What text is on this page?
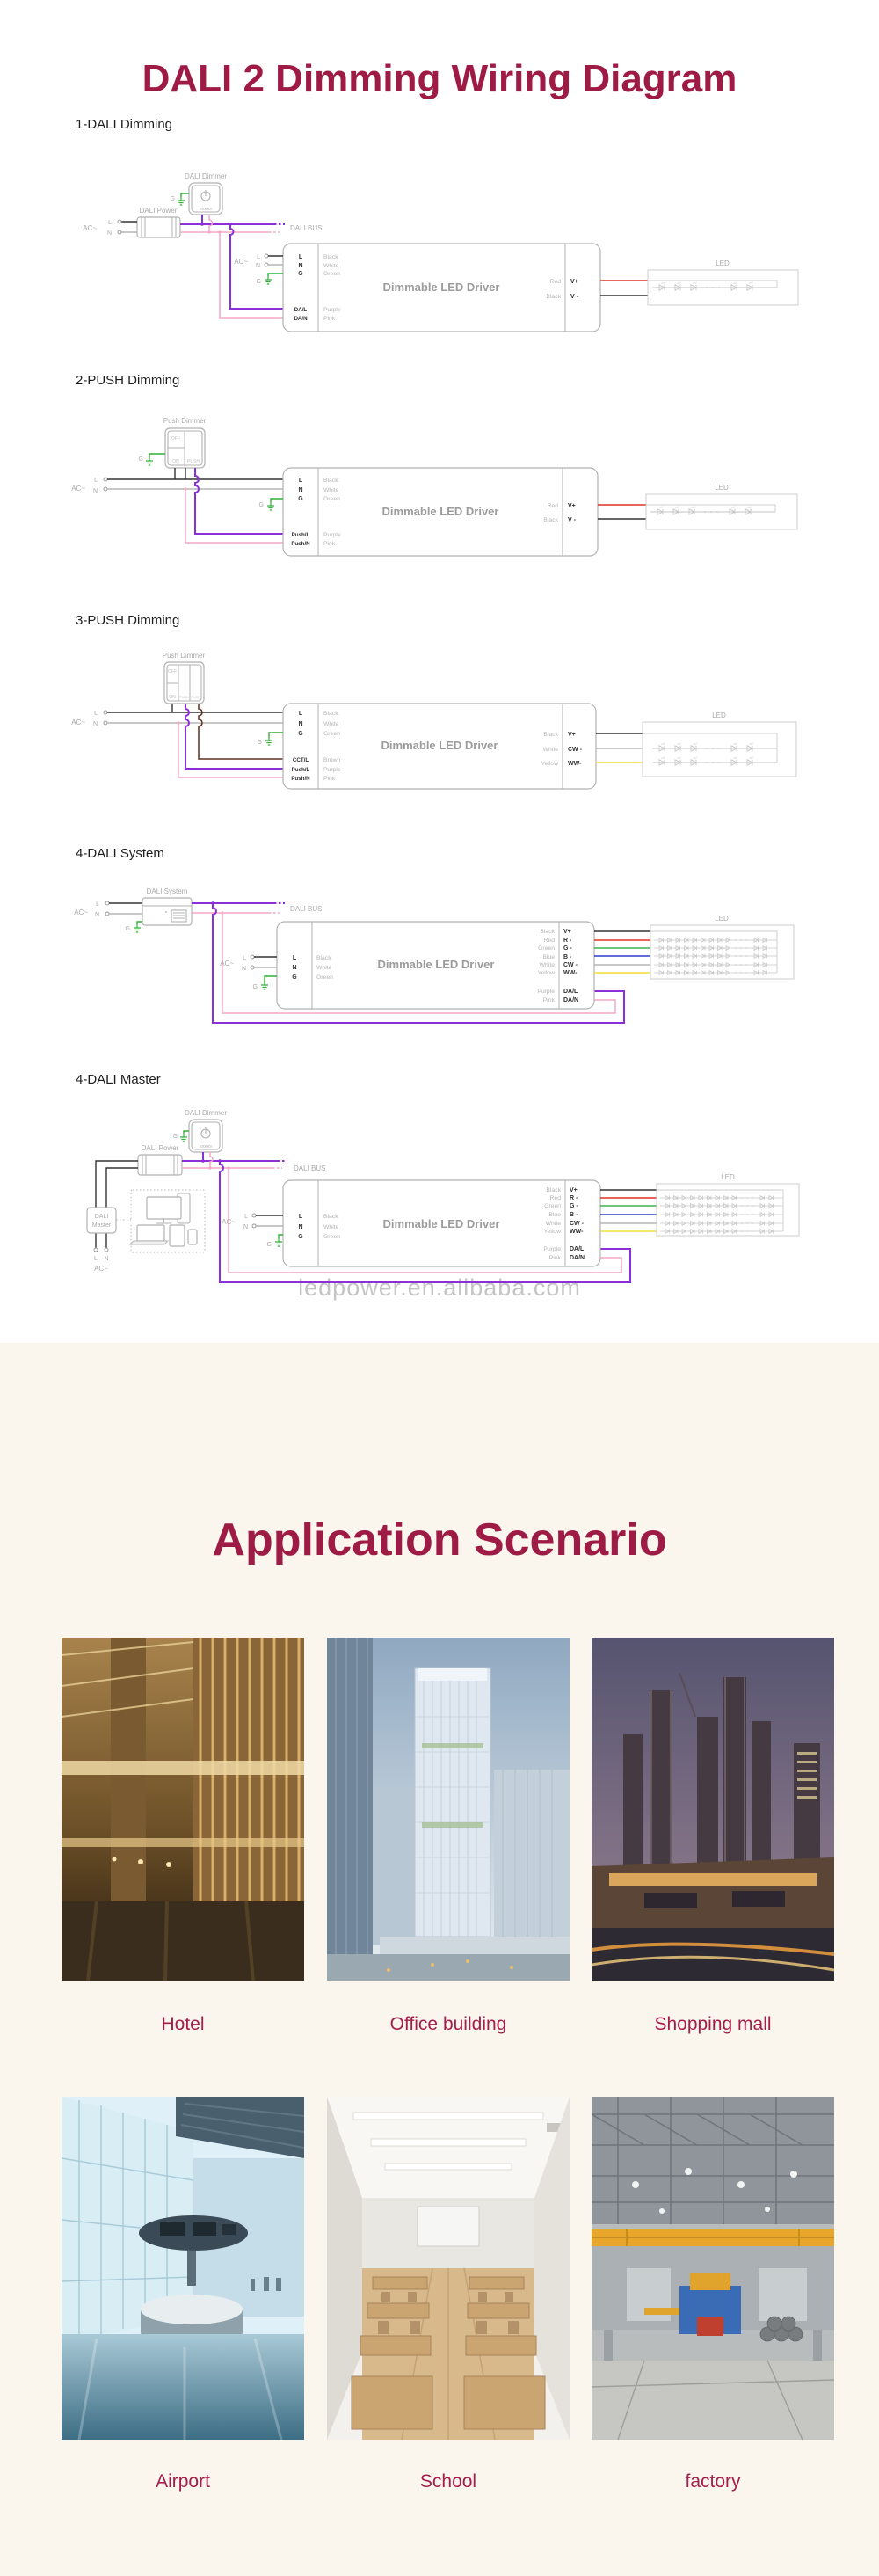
DALI 2 Dimming Wiring Diagram
1-DALI Dimming
2-PUSH Dimming
3-PUSH Dimming
4-DALI System
4-DALI Master
ledpower.en.alibaba.com
DALI Dimmer
‹oooo›
G
DALI Power
AC~
L
N
DALI BUS
Dimmable LED Driver
AC~
L
N
G
L
N
G
DA/L
DA/N
Black
White
Green
Purple
Pink
Red
Black
V+
V -
LED
Push Dimmer
OFF
ON PUSH
G
AC~
L
N
Dimmable LED Driver
G
L
N
G
Push/L
Push/N
Black
White
Green
Purple
Pink
Red
Black
V+
V -
LED
Push Dimmer
OFF
ON PUSH PUSH
AC~
L
N
Dimmable LED Driver
G
L
N
G
CCT/L
Push/L
Push/N
Black
White
Green
Brown
Purple
Pink
Black
White
Yellow
V+
CW -
WW-
LED
DALI System
AC~
L
N
G
DALI BUS
Dimmable LED Driver
AC~
L
N
G
L
N
G
Black
White
Green
Black
Red
Green
Blue
White
Yellow
Purple
Pink
V+
R -
G -
B -
CW -
WW-
DA/L
DA/N
LED
DALI Dimmer
‹oooo›
G
DALI Power
L N
AC~
DALI
Master
DALI BUS
Dimmable LED Driver
AC~
L
N
G
L
N
G
Black
White
Green
Black
Red
Green
Blue
White
Yellow
Purple
Pink
V+
R -
G -
B -
CW -
WW-
DA/L
DA/N
LED
Application Scenario
Hotel	Office building	Shopping mall
Airport	School	factory
